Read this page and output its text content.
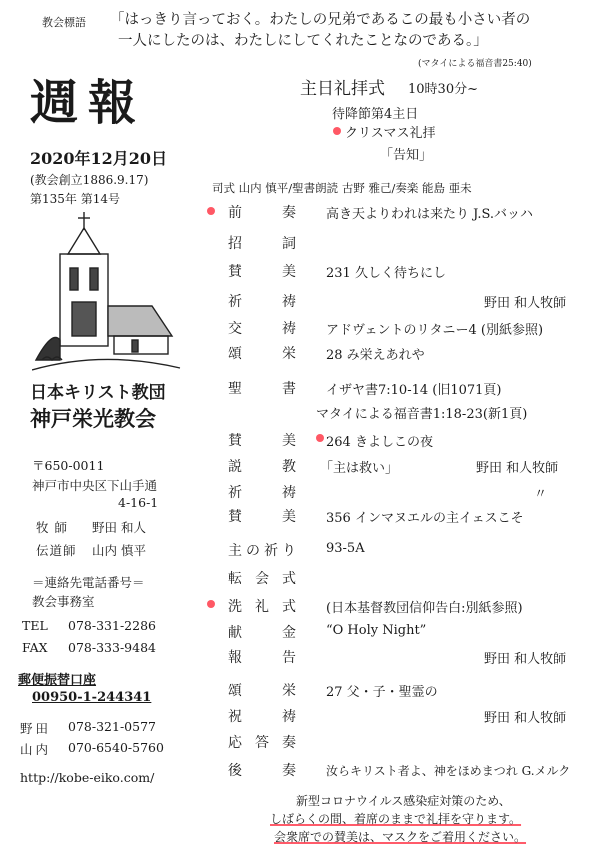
教会標語 「はっきり言っておく。わたしの兄弟であるこの最も小さい者の
一人にしたのは、わたしにしてくれたことなのである。」
(マタイによる福音書25:40)
週報
2020年12月20日
(教会創立1886.9.17)
第135年 第14号
日本キリスト教団
神戸栄光教会
〒650-0011
神戸市中央区下山手通
4-16-1
牧 師 野田 和人
伝道師 山内 慎平
＝連絡先電話番号＝
教会事務室
TEL 078-331-2286
FAX 078-333-9484
郵便振替口座
00950-1-244341
野田 078-321-0577
山内 070-6540-5760
http://kobe-eiko.com/
主日礼拝式 10時30分~
待降節第4主日
クリスマス礼拝
「告知」
司式 山内 慎平/聖書朗読 古野 雅己/奏楽 能島 亜未
前奏 高き天よりわれは来たり J.S.バッハ
招詞
賛美 231 久しく待ちにし
祈祷	野田 和人牧師
交祷 アドヴェントのリタニー4 (別紙参照)
頌栄 28 み栄えあれや
聖書 イザヤ書7:10-14 (旧1071頁)
マタイによる福音書1:18-23(新1頁)
賛美 264 きよしこの夜
説教 「主は救い」	野田 和人牧師
祈祷	〃
賛美 356 インマヌエルの主イェスこそ
主の祈り 93-5A
転会式
洗礼式 (日本基督教団信仰告白:別紙参照)
献金 “O Holy Night”
報告	野田 和人牧師
頌栄 27 父・子・聖霊の
祝祷	野田 和人牧師
応答奏
後奏	汝らキリスト者よ、神をほめまつれ G.メルク
新型コロナウイルス感染症対策のため、
しばらくの間、着席のままで礼拝を守ります。
会衆席での賛美は、マスクをご着用ください。
